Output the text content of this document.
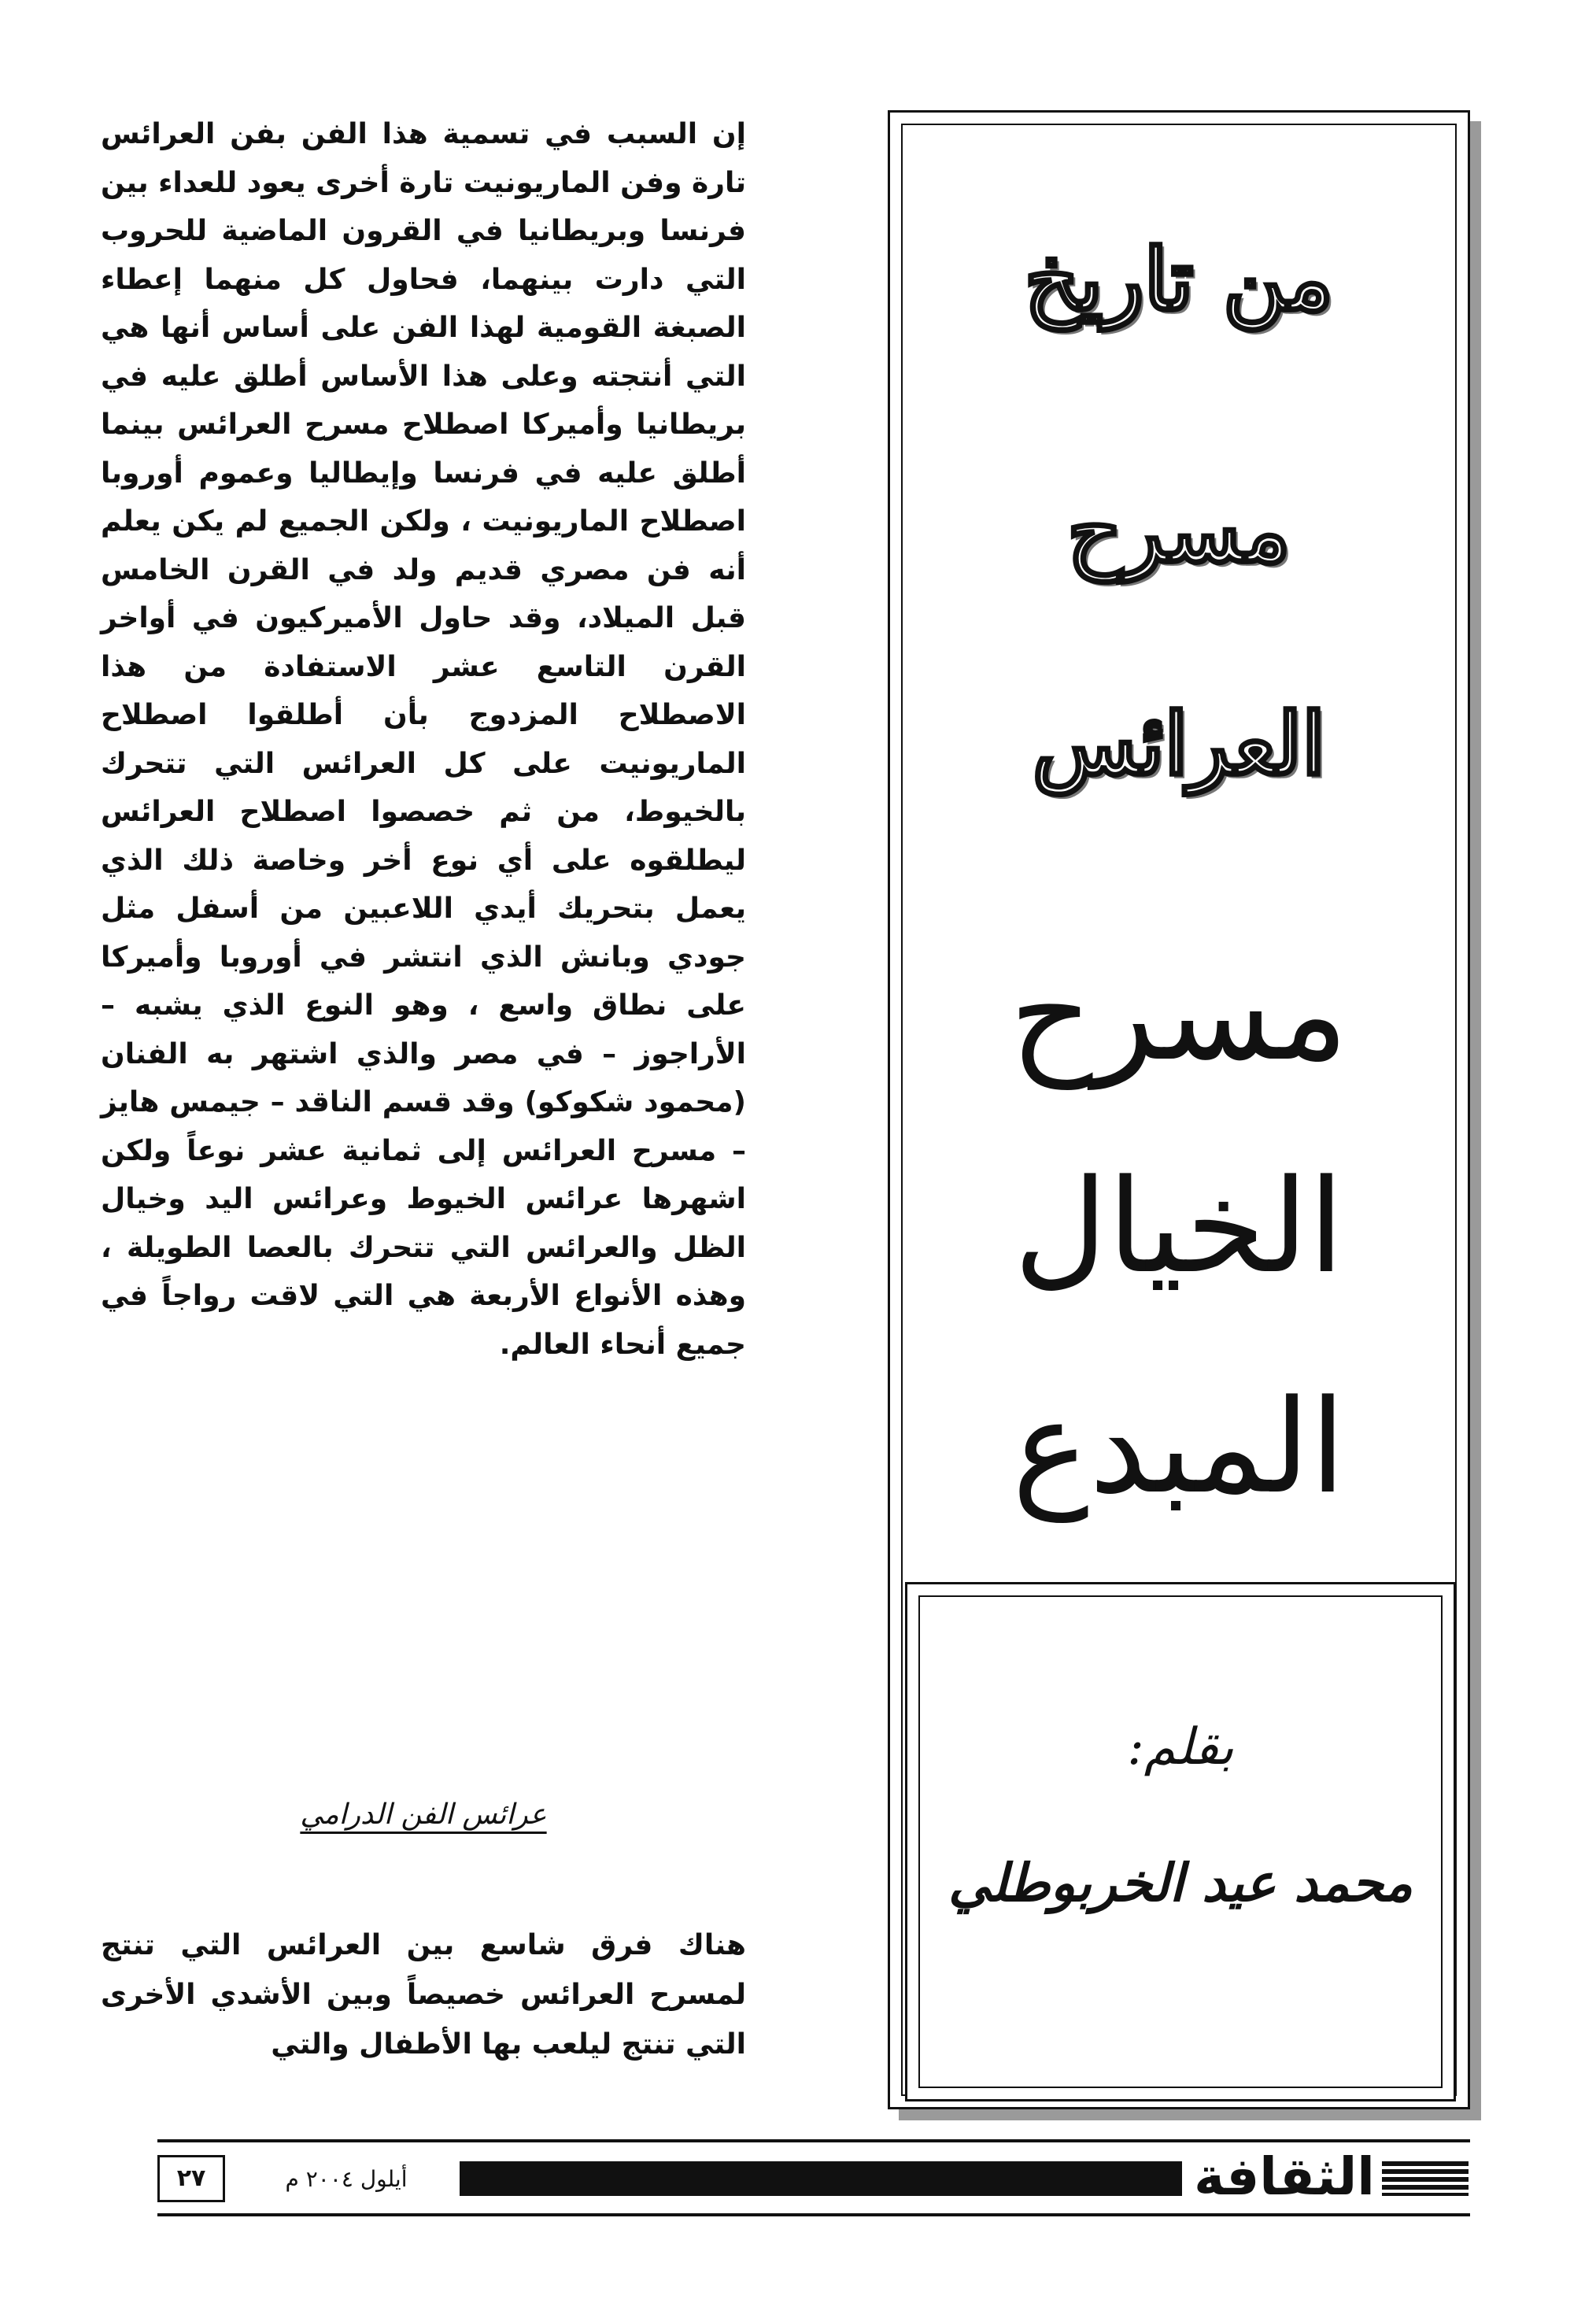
من تاريخ
مسرح
العرائس
مسرح
الخيال
المبدع
بقلم:
محمد عيد الخربوطلي

إن السبب في تسمية هذا الفن بفن العرائس تارة وفن الماريونيت تارة أخرى يعود للعداء بين فرنسا وبريطانيا في القرون الماضية للحروب التي دارت بينهما، فحاول كل منهما إعطاء الصبغة القومية لهذا الفن على أساس أنها هي التي أنتجته وعلى هذا الأساس أطلق عليه في بريطانيا وأميركا اصطلاح مسرح العرائس بينما أطلق عليه في فرنسا وإيطاليا وعموم أوروبا اصطلاح الماريونيت ، ولكن الجميع لم يكن يعلم أنه فن مصري قديم ولد في القرن الخامس قبل الميلاد، وقد حاول الأميركيون في أواخر القرن التاسع عشر الاستفادة من هذا الاصطلاح المزدوج بأن أطلقوا اصطلاح الماريونيت على كل العرائس التي تتحرك بالخيوط، من ثم خصصوا اصطلاح العرائس ليطلقوه على أي نوع أخر وخاصة ذلك الذي يعمل بتحريك أيدي اللاعبين من أسفل مثل جودي وبانش الذي انتشر في أوروبا وأميركا على نطاق واسع ، وهو النوع الذي يشبه – الأراجوز – في مصر والذي اشتهر به الفنان (محمود شكوكو) وقد قسم الناقد – جيمس هايز – مسرح العرائس إلى ثمانية عشر نوعاً ولكن اشهرها عرائس الخيوط وعرائس اليد وخيال الظل والعرائس التي تتحرك بالعصا الطويلة ، وهذه الأنواع الأربعة هي التي لاقت رواجاً في جميع أنحاء العالم.

عرائس الفن الدرامي

هناك فرق شاسع بين العرائس التي تنتج لمسرح العرائس خصيصاً وبين الأشدي الأخرى التي تنتج ليلعب بها الأطفال والتي

٢٧	أيلول ٢٠٠٤ م	الثقافة
